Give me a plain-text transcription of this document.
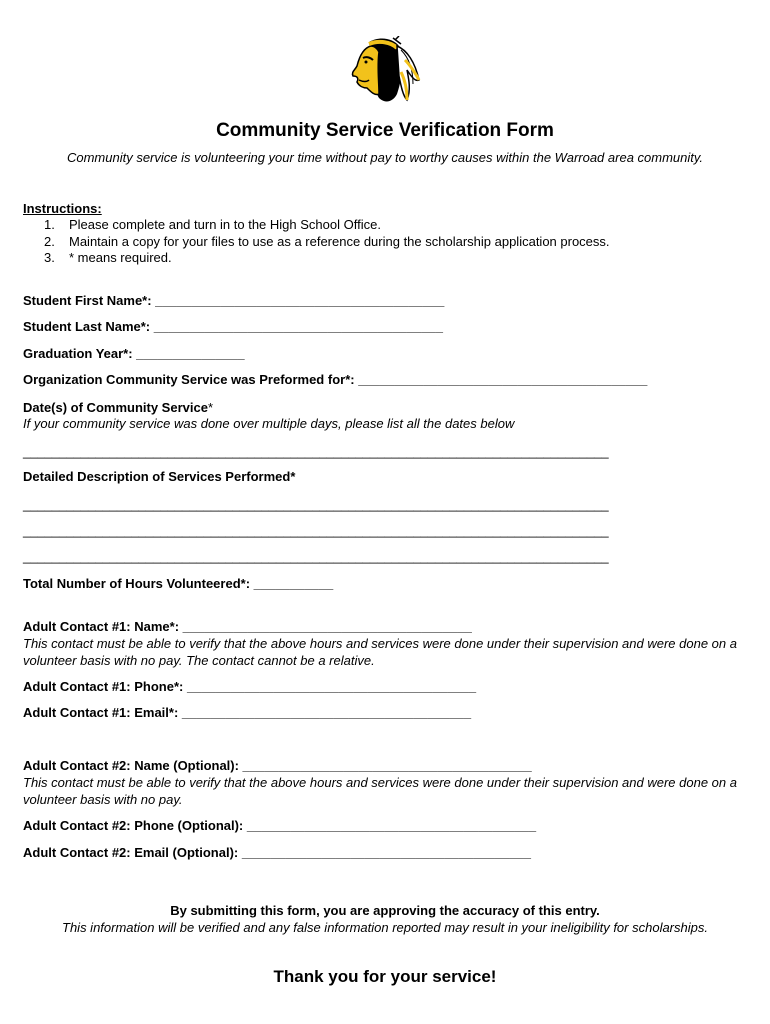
Community Service Verification Form

Community service is volunteering your time without pay to worthy causes within the Warroad area community.

Instructions:
1. Please complete and turn in to the High School Office.
2. Maintain a copy for your files to use as a reference during the scholarship application process.
3. * means required.
Student First Name*: ________________________________________
Student Last Name*: ________________________________________
Graduation Year*: _______________
Organization Community Service was Preformed for*: ________________________________________
Date(s) of Community Service*
If your community service was done over multiple days, please list all the dates below
_________________________________________________________________________________
Detailed Description of Services Performed*
_________________________________________________________________________________
_________________________________________________________________________________
_________________________________________________________________________________
Total Number of Hours Volunteered*: ___________
Adult Contact #1: Name*: ________________________________________
This contact must be able to verify that the above hours and services were done under their supervision and were done on a volunteer basis with no pay. The contact cannot be a relative.
Adult Contact #1: Phone*: ________________________________________
Adult Contact #1: Email*: ________________________________________
Adult Contact #2: Name (Optional): ________________________________________
This contact must be able to verify that the above hours and services were done under their supervision and were done on a volunteer basis with no pay.
Adult Contact #2: Phone (Optional): ________________________________________
Adult Contact #2: Email (Optional): ________________________________________
By submitting this form, you are approving the accuracy of this entry.
This information will be verified and any false information reported may result in your ineligibility for scholarships.
Thank you for your service!
